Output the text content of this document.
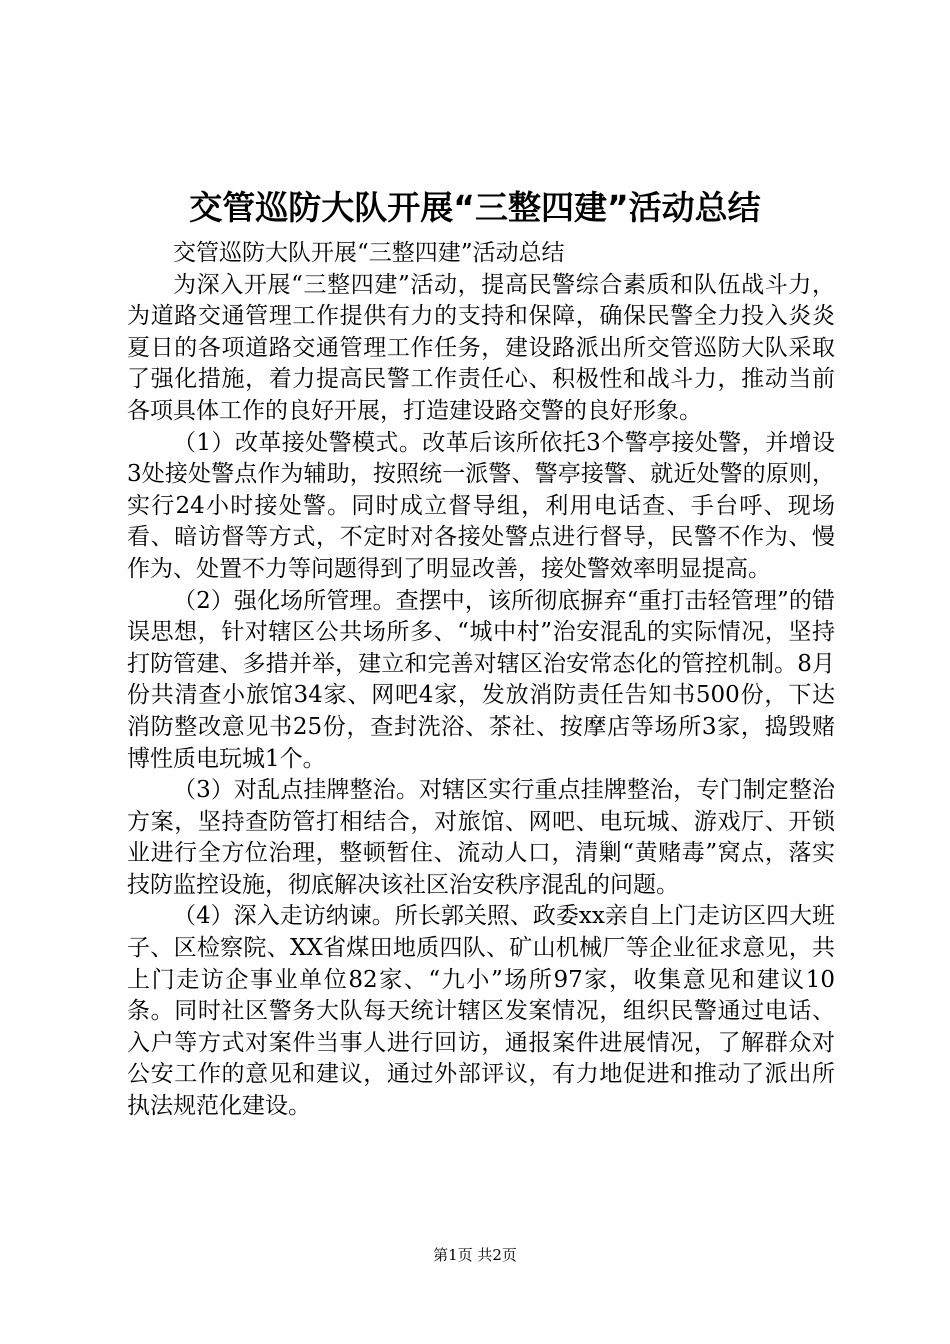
交管巡防大队开展“三整四建”活动总结

交管巡防大队开展“三整四建”活动总结

为深入开展“三整四建”活动，提高民警综合素质和队伍战斗力，为道路交通管理工作提供有力的支持和保障，确保民警全力投入炎炎夏日的各项道路交通管理工作任务，建设路派出所交管巡防大队采取了强化措施，着力提高民警工作责任心、积极性和战斗力，推动当前各项具体工作的良好开展，打造建设路交警的良好形象。

（1）改革接处警模式。改革后该所依托3个警亭接处警，并增设3处接处警点作为辅助，按照统一派警、警亭接警、就近处警的原则，实行24小时接处警。同时成立督导组，利用电话查、手台呼、现场看、暗访督等方式，不定时对各接处警点进行督导，民警不作为、慢作为、处置不力等问题得到了明显改善，接处警效率明显提高。

（2）强化场所管理。查摆中，该所彻底摒弃“重打击轻管理”的错误思想，针对辖区公共场所多、“城中村”治安混乱的实际情况，坚持打防管建、多措并举，建立和完善对辖区治安常态化的管控机制。8月份共清查小旅馆34家、网吧4家，发放消防责任告知书500份，下达消防整改意见书25份，查封洗浴、茶社、按摩店等场所3家，捣毁赌博性质电玩城1个。

（3）对乱点挂牌整治。对辖区实行重点挂牌整治，专门制定整治方案，坚持查防管打相结合，对旅馆、网吧、电玩城、游戏厅、开锁业进行全方位治理，整顿暂住、流动人口，清剿“黄赌毒”窝点，落实技防监控设施，彻底解决该社区治安秩序混乱的问题。

（4）深入走访纳谏。所长郭关照、政委xx亲自上门走访区四大班子、区检察院、XX省煤田地质四队、矿山机械厂等企业征求意见，共上门走访企事业单位82家、“九小”场所97家，收集意见和建议10条。同时社区警务大队每天统计辖区发案情况，组织民警通过电话、入户等方式对案件当事人进行回访，通报案件进展情况，了解群众对公安工作的意见和建议，通过外部评议，有力地促进和推动了派出所执法规范化建设。

第1页 共2页
